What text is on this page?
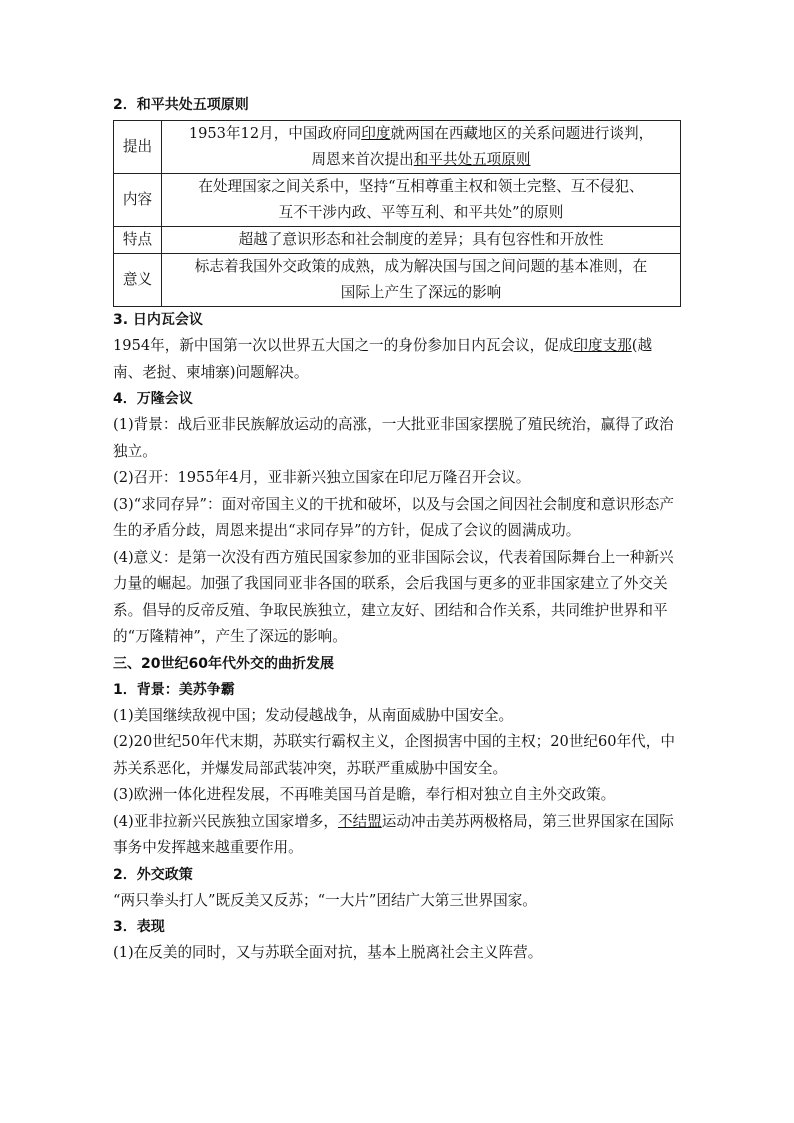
2．和平共处五项原则
提出	1953年12月，中国政府同印度就两国在西藏地区的关系问题进行谈判，
周恩来首次提出和平共处五项原则

内容	在处理国家之间关系中，坚持“互相尊重主权和领土完整、互不侵犯、
互不干涉内政、平等互利、和平共处”的原则

特点	超越了意识形态和社会制度的差异；具有包容性和开放性

意义	标志着我国外交政策的成熟，成为解决国与国之间问题的基本准则，在
国际上产生了深远的影响
3. 日内瓦会议

1954年，新中国第一次以世界五大国之一的身份参加日内瓦会议，促成印度支那(越南、老挝、柬埔寨)问题解决。

4．万隆会议

(1)背景：战后亚非民族解放运动的高涨，一大批亚非国家摆脱了殖民统治，赢得了政治独立。

(2)召开：1955年4月，亚非新兴独立国家在印尼万隆召开会议。

(3)“求同存异”：面对帝国主义的干扰和破坏，以及与会国之间因社会制度和意识形态产生的矛盾分歧，周恩来提出“求同存异”的方针，促成了会议的圆满成功。

(4)意义：是第一次没有西方殖民国家参加的亚非国际会议，代表着国际舞台上一种新兴力量的崛起。加强了我国同亚非各国的联系，会后我国与更多的亚非国家建立了外交关系。倡导的反帝反殖、争取民族独立，建立友好、团结和合作关系，共同维护世界和平的“万隆精神”，产生了深远的影响。

三、20世纪60年代外交的曲折发展
1．背景：美苏争霸

(1)美国继续敌视中国；发动侵越战争，从南面威胁中国安全。

(2)20世纪50年代末期，苏联实行霸权主义，企图损害中国的主权；20世纪60年代，中苏关系恶化，并爆发局部武装冲突，苏联严重威胁中国安全。

(3)欧洲一体化进程发展，不再唯美国马首是瞻，奉行相对独立自主外交政策。

(4)亚非拉新兴民族独立国家增多，不结盟运动冲击美苏两极格局，第三世界国家在国际事务中发挥越来越重要作用。

2．外交政策

“两只拳头打人”既反美又反苏；“一大片”团结广大第三世界国家。

3．表现

(1)在反美的同时，又与苏联全面对抗，基本上脱离社会主义阵营。
